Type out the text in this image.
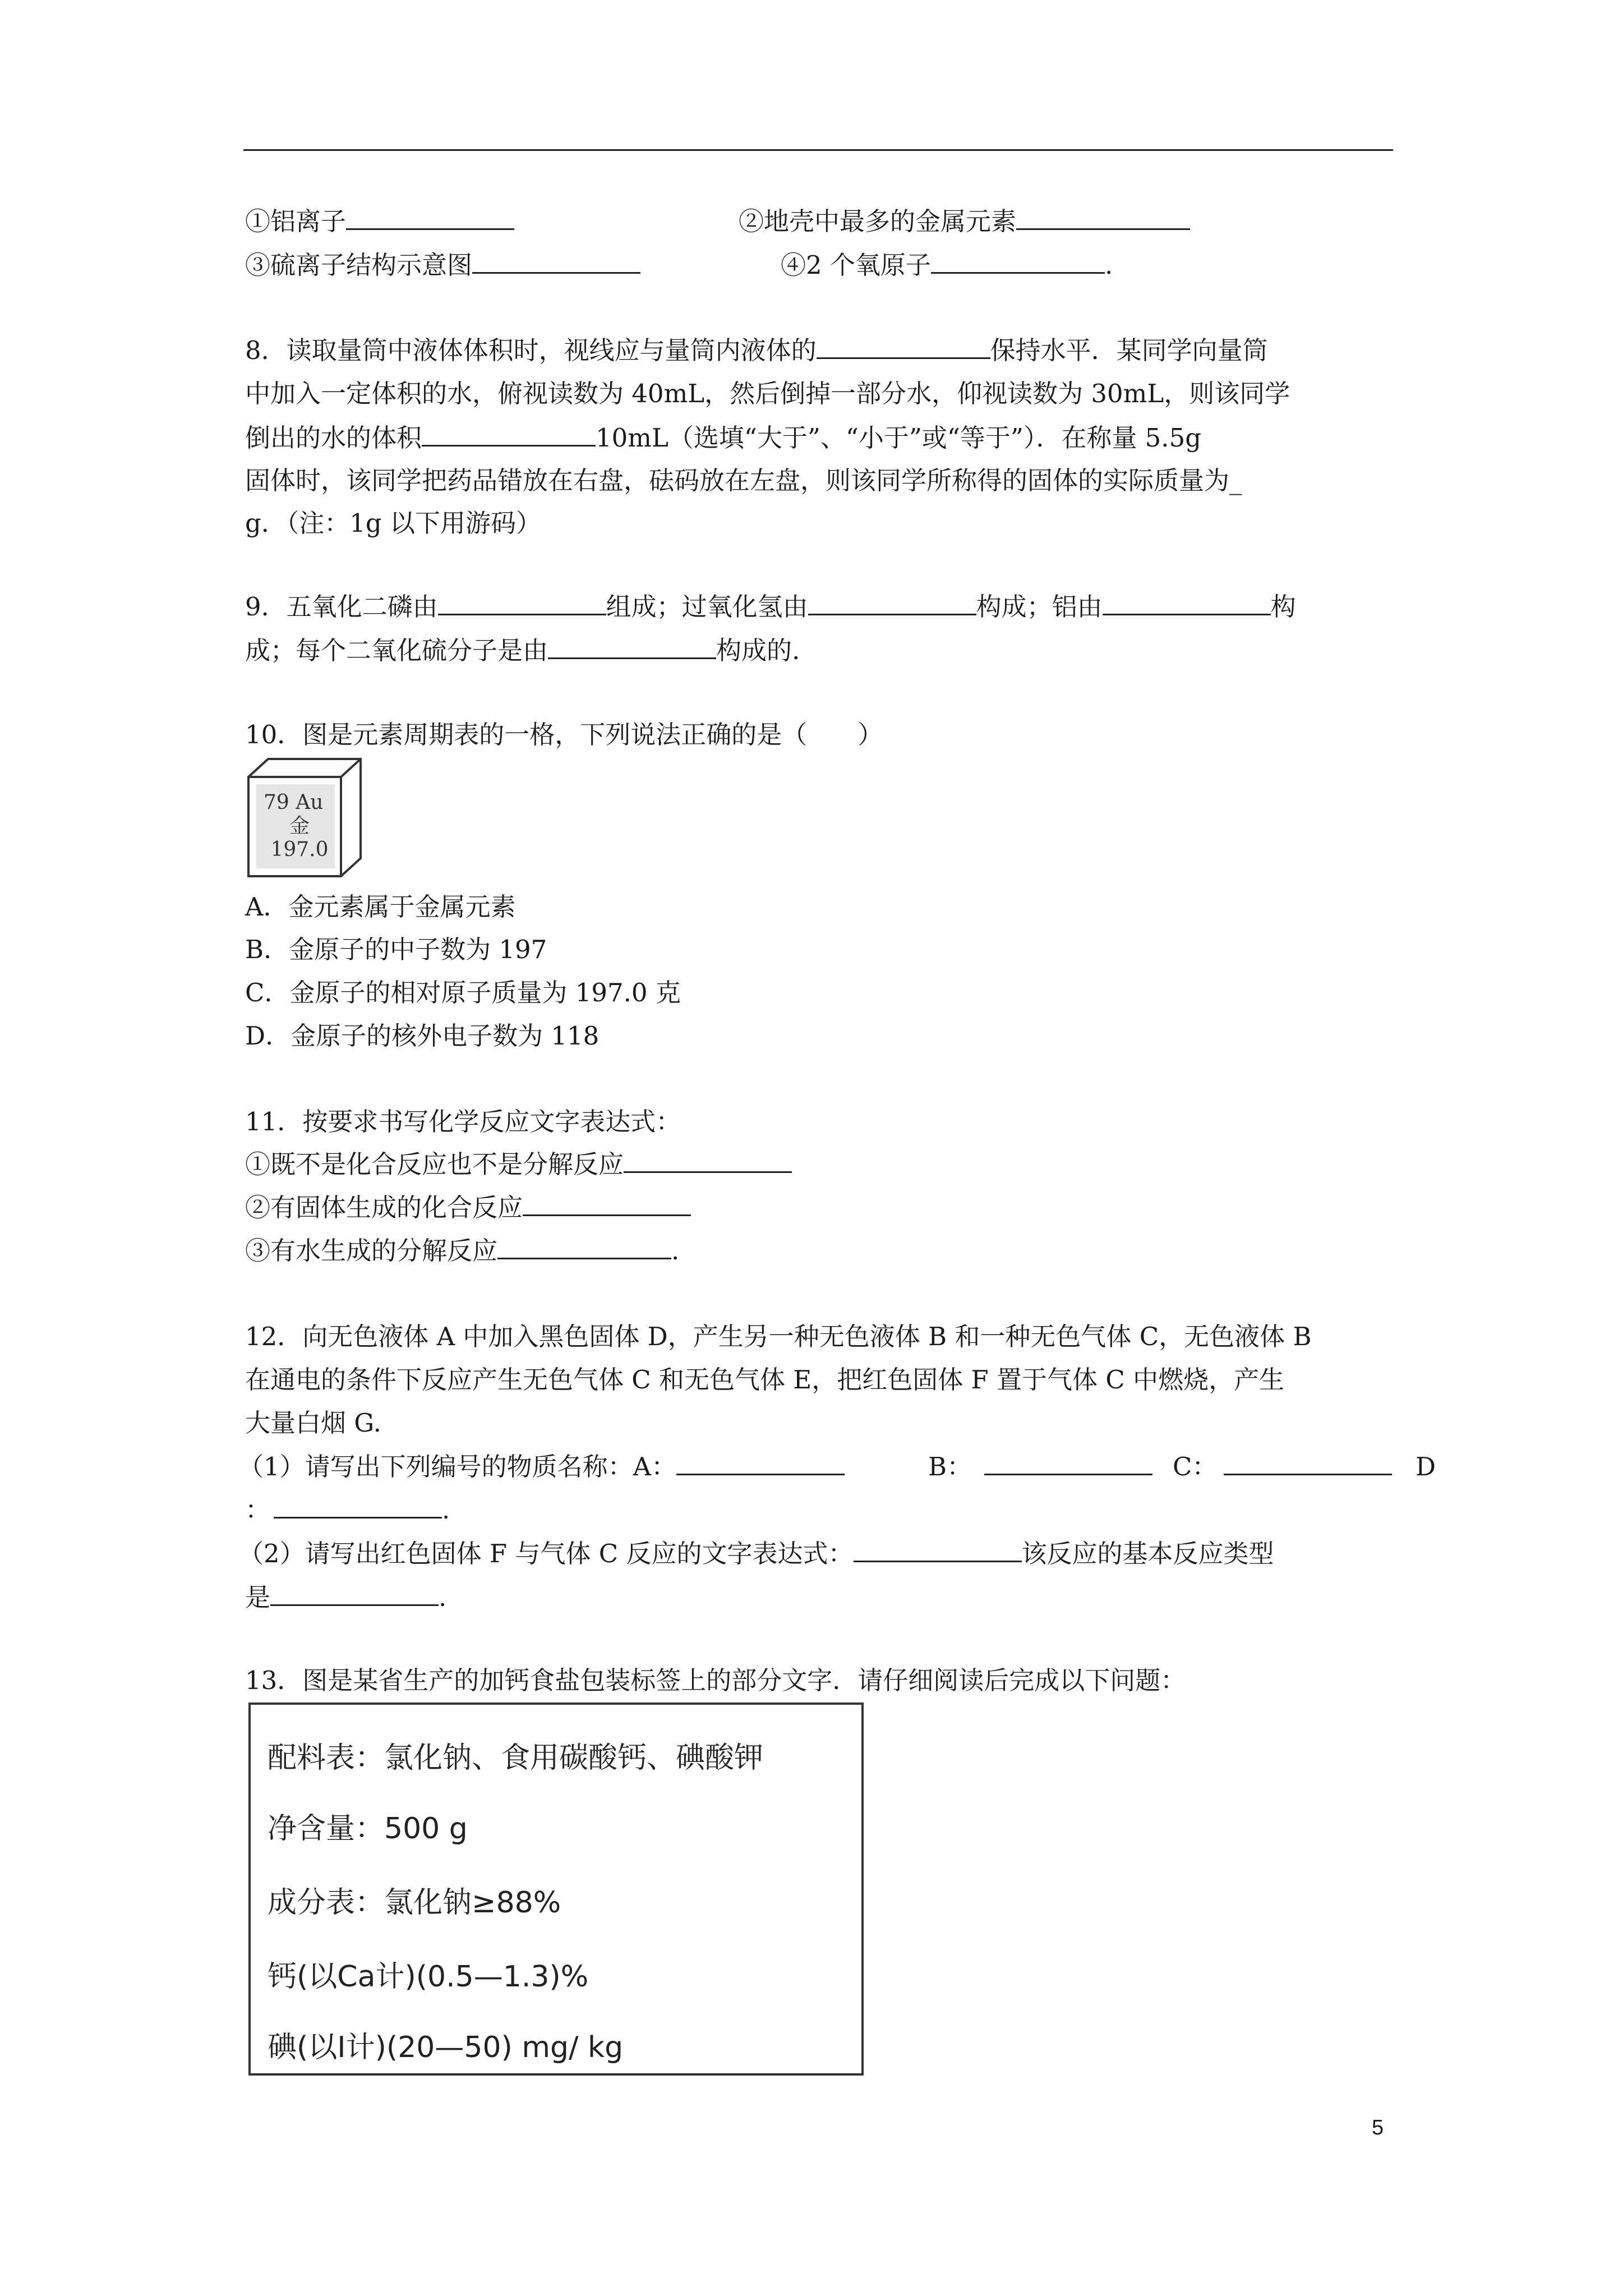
①铝离子	②地壳中最多的金属元素
③硫离子结构示意图	④2 个氧原子	.
8．读取量筒中液体体积时，视线应与量筒内液体的	保持水平．某同学向量筒
中加入一定体积的水，俯视读数为 40mL，然后倒掉一部分水，仰视读数为 30mL，则该同学
倒出的水的体积	10mL（选填“大于”、“小于”或“等于”）．在称量 5.5g
固体时，该同学把药品错放在右盘，砝码放在左盘，则该同学所称得的固体的实际质量为_
g．（注：1g 以下用游码）
9．五氧化二磷由	组成；过氧化氢由	构成；铝由	构
成；每个二氧化硫分子是由	构成的.
10．图是元素周期表的一格，下列说法正确的是（　　）
79 Au
金
197.0
A．金元素属于金属元素
B．金原子的中子数为 197
C．金原子的相对原子质量为 197.0 克
D．金原子的核外电子数为 118
11．按要求书写化学反应文字表达式：
①既不是化合反应也不是分解反应
②有固体生成的化合反应
③有水生成的分解反应	.
12．向无色液体 A 中加入黑色固体 D，产生另一种无色液体 B 和一种无色气体 C，无色液体 B
在通电的条件下反应产生无色气体 C 和无色气体 E，把红色固体 F 置于气体 C 中燃烧，产生
大量白烟 G.
（1）请写出下列编号的物质名称：A：	B：	C：	D
：	.
（2）请写出红色固体 F 与气体 C 反应的文字表达式：	该反应的基本反应类型
是	.
13．图是某省生产的加钙食盐包装标签上的部分文字．请仔细阅读后完成以下问题：
配料表：氯化钠、食用碳酸钙、碘酸钾
净含量：500 g
成分表：氯化钠≥88%
钙(以Ca计)(0.5—1.3)%
碘(以I计)(20—50) mg/ kg
5
